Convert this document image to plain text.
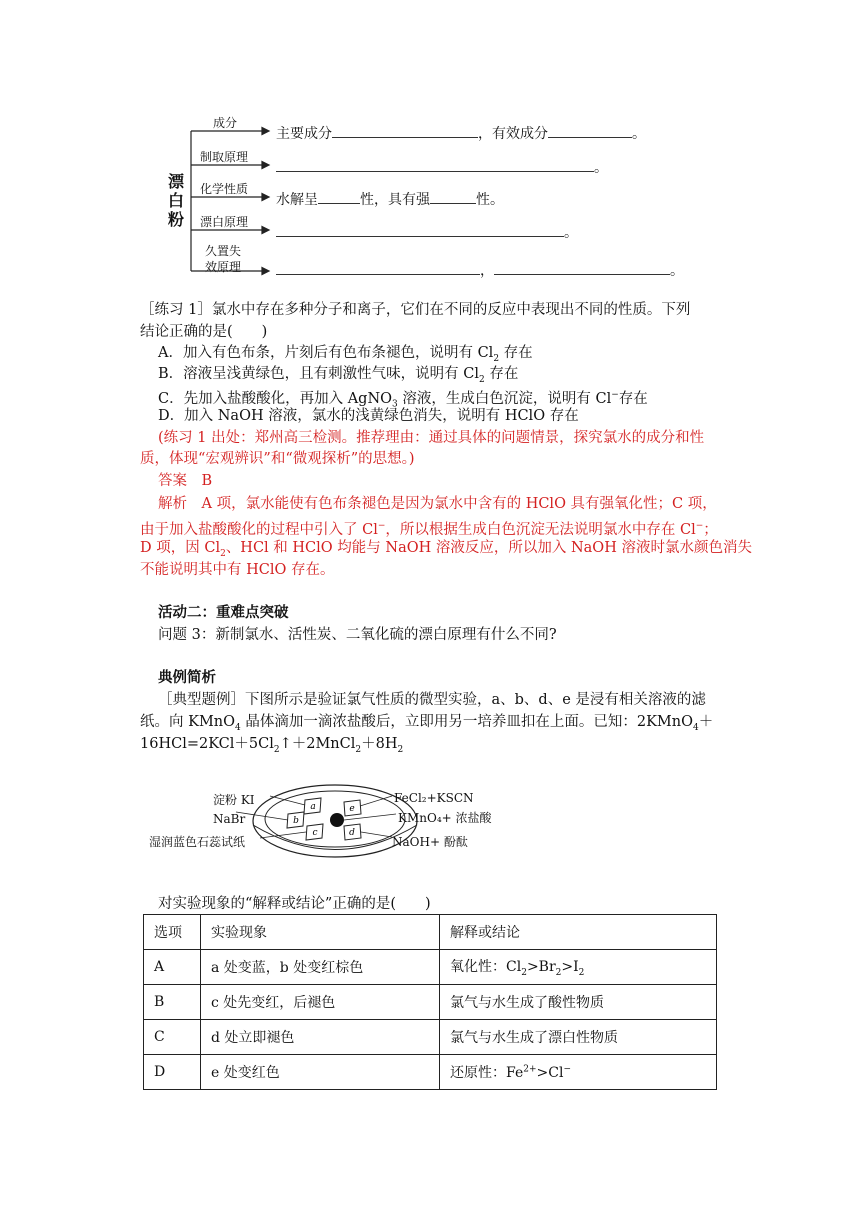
漂
白
粉
成分
制取原理
化学性质
漂白原理
久置失
效原理
主要成分	，有效成分	。
。
水解呈	性，具有强	性。
。
，	。
［练习 1］氯水中存在多种分子和离子，它们在不同的反应中表现出不同的性质。下列
结论正确的是(　　)
A．加入有色布条，片刻后有色布条褪色，说明有 $Cl_2$ 存在
B．溶液呈浅黄绿色，且有刺激性气味，说明有 $Cl_2$ 存在
C．先加入盐酸酸化，再加入 AgNO$_3$ 溶液，生成白色沉淀，说明有 Cl−存在
D．加入 NaOH 溶液，氯水的浅黄绿色消失，说明有 HClO 存在
(练习 1 出处：郑州高三检测。推荐理由：通过具体的问题情景，探究氯水的成分和性
质，体现“宏观辨识”和“微观探析”的思想。)
答案　B
解析　A 项，氯水能使有色布条褪色是因为氯水中含有的 HClO 具有强氧化性；C 项，
由于加入盐酸酸化的过程中引入了 Cl−，所以根据生成白色沉淀无法说明氯水中存在 Cl−；
D 项，因 $Cl_2$、HCl 和 HClO 均能与 NaOH 溶液反应，所以加入 NaOH 溶液时氯水颜色消失
不能说明其中有 HClO 存在。
活动二：重难点突破
问题 3：新制氯水、活性炭、二氧化硫的漂白原理有什么不同?
典例简析
［典型题例］下图所示是验证氯气性质的微型实验，a、b、d、e 是浸有相关溶液的滤
纸。向 KMnO$_4$ 晶体滴加一滴浓盐酸后，立即用另一培养皿扣在上面。已知：2KMnO$_4$＋
$16HCl=2KCl+5Cl_2↑+2MnCl_2+8H_2$
a
b
c	d
e
淀粉 KI
NaBr
湿润蓝色石蕊试纸
FeCl₂+KSCN
KMnO₄+ 浓盐酸
NaOH+ 酚酞
对实验现象的“解释或结论”正确的是(　　)
选项	实验现象	解释或结论
A	a 处变蓝，b 处变红棕色	氧化性：$Cl_2>Br_2>I_2$
B	c 处先变红，后褪色	氯气与水生成了酸性物质
C	d 处立即褪色	氯气与水生成了漂白性物质
D	e 处变红色	还原性：$Fe^{2+}>Cl^-$
